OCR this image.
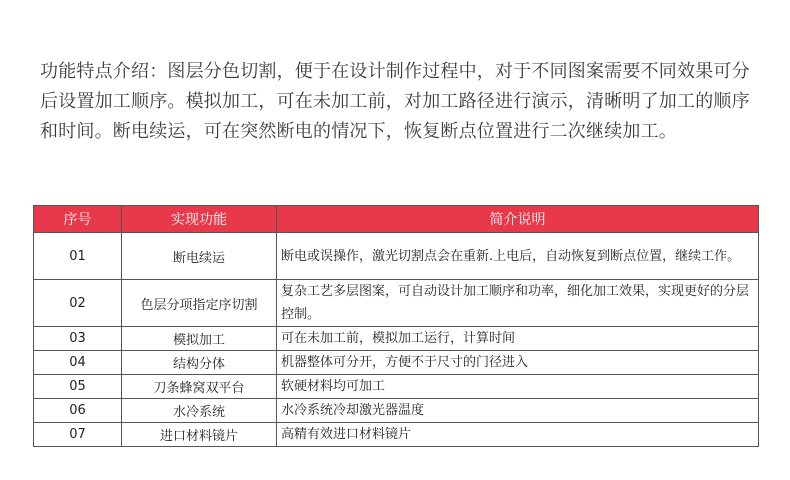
功能特点介绍：图层分色切割，便于在设计制作过程中，对于不同图案需要不同效果可分后设置加工顺序。模拟加工，可在未加工前，对加工路径进行演示，清晰明了加工的顺序和时间。断电续运，可在突然断电的情况下，恢复断点位置进行二次继续加工。

序号	实现功能	简介说明
01	断电续运	断电或误操作，激光切割点会在重新.上电后，自动恢复到断点位置，继续工作。
02	色层分项指定序切割	复杂工艺多层图案，可自动设计加工顺序和功率，细化加工效果，实现更好的分层控制。
03	模拟加工	可在未加工前，模拟加工运行，计算时间
04	结构分体	机器整体可分开，方便不于尺寸的门径进入
05	刀条蜂窝双平台	软硬材料均可加工
06	水冷系统	水冷系统冷却激光器温度
07	进口材料镜片	高精有效进口材料镜片
